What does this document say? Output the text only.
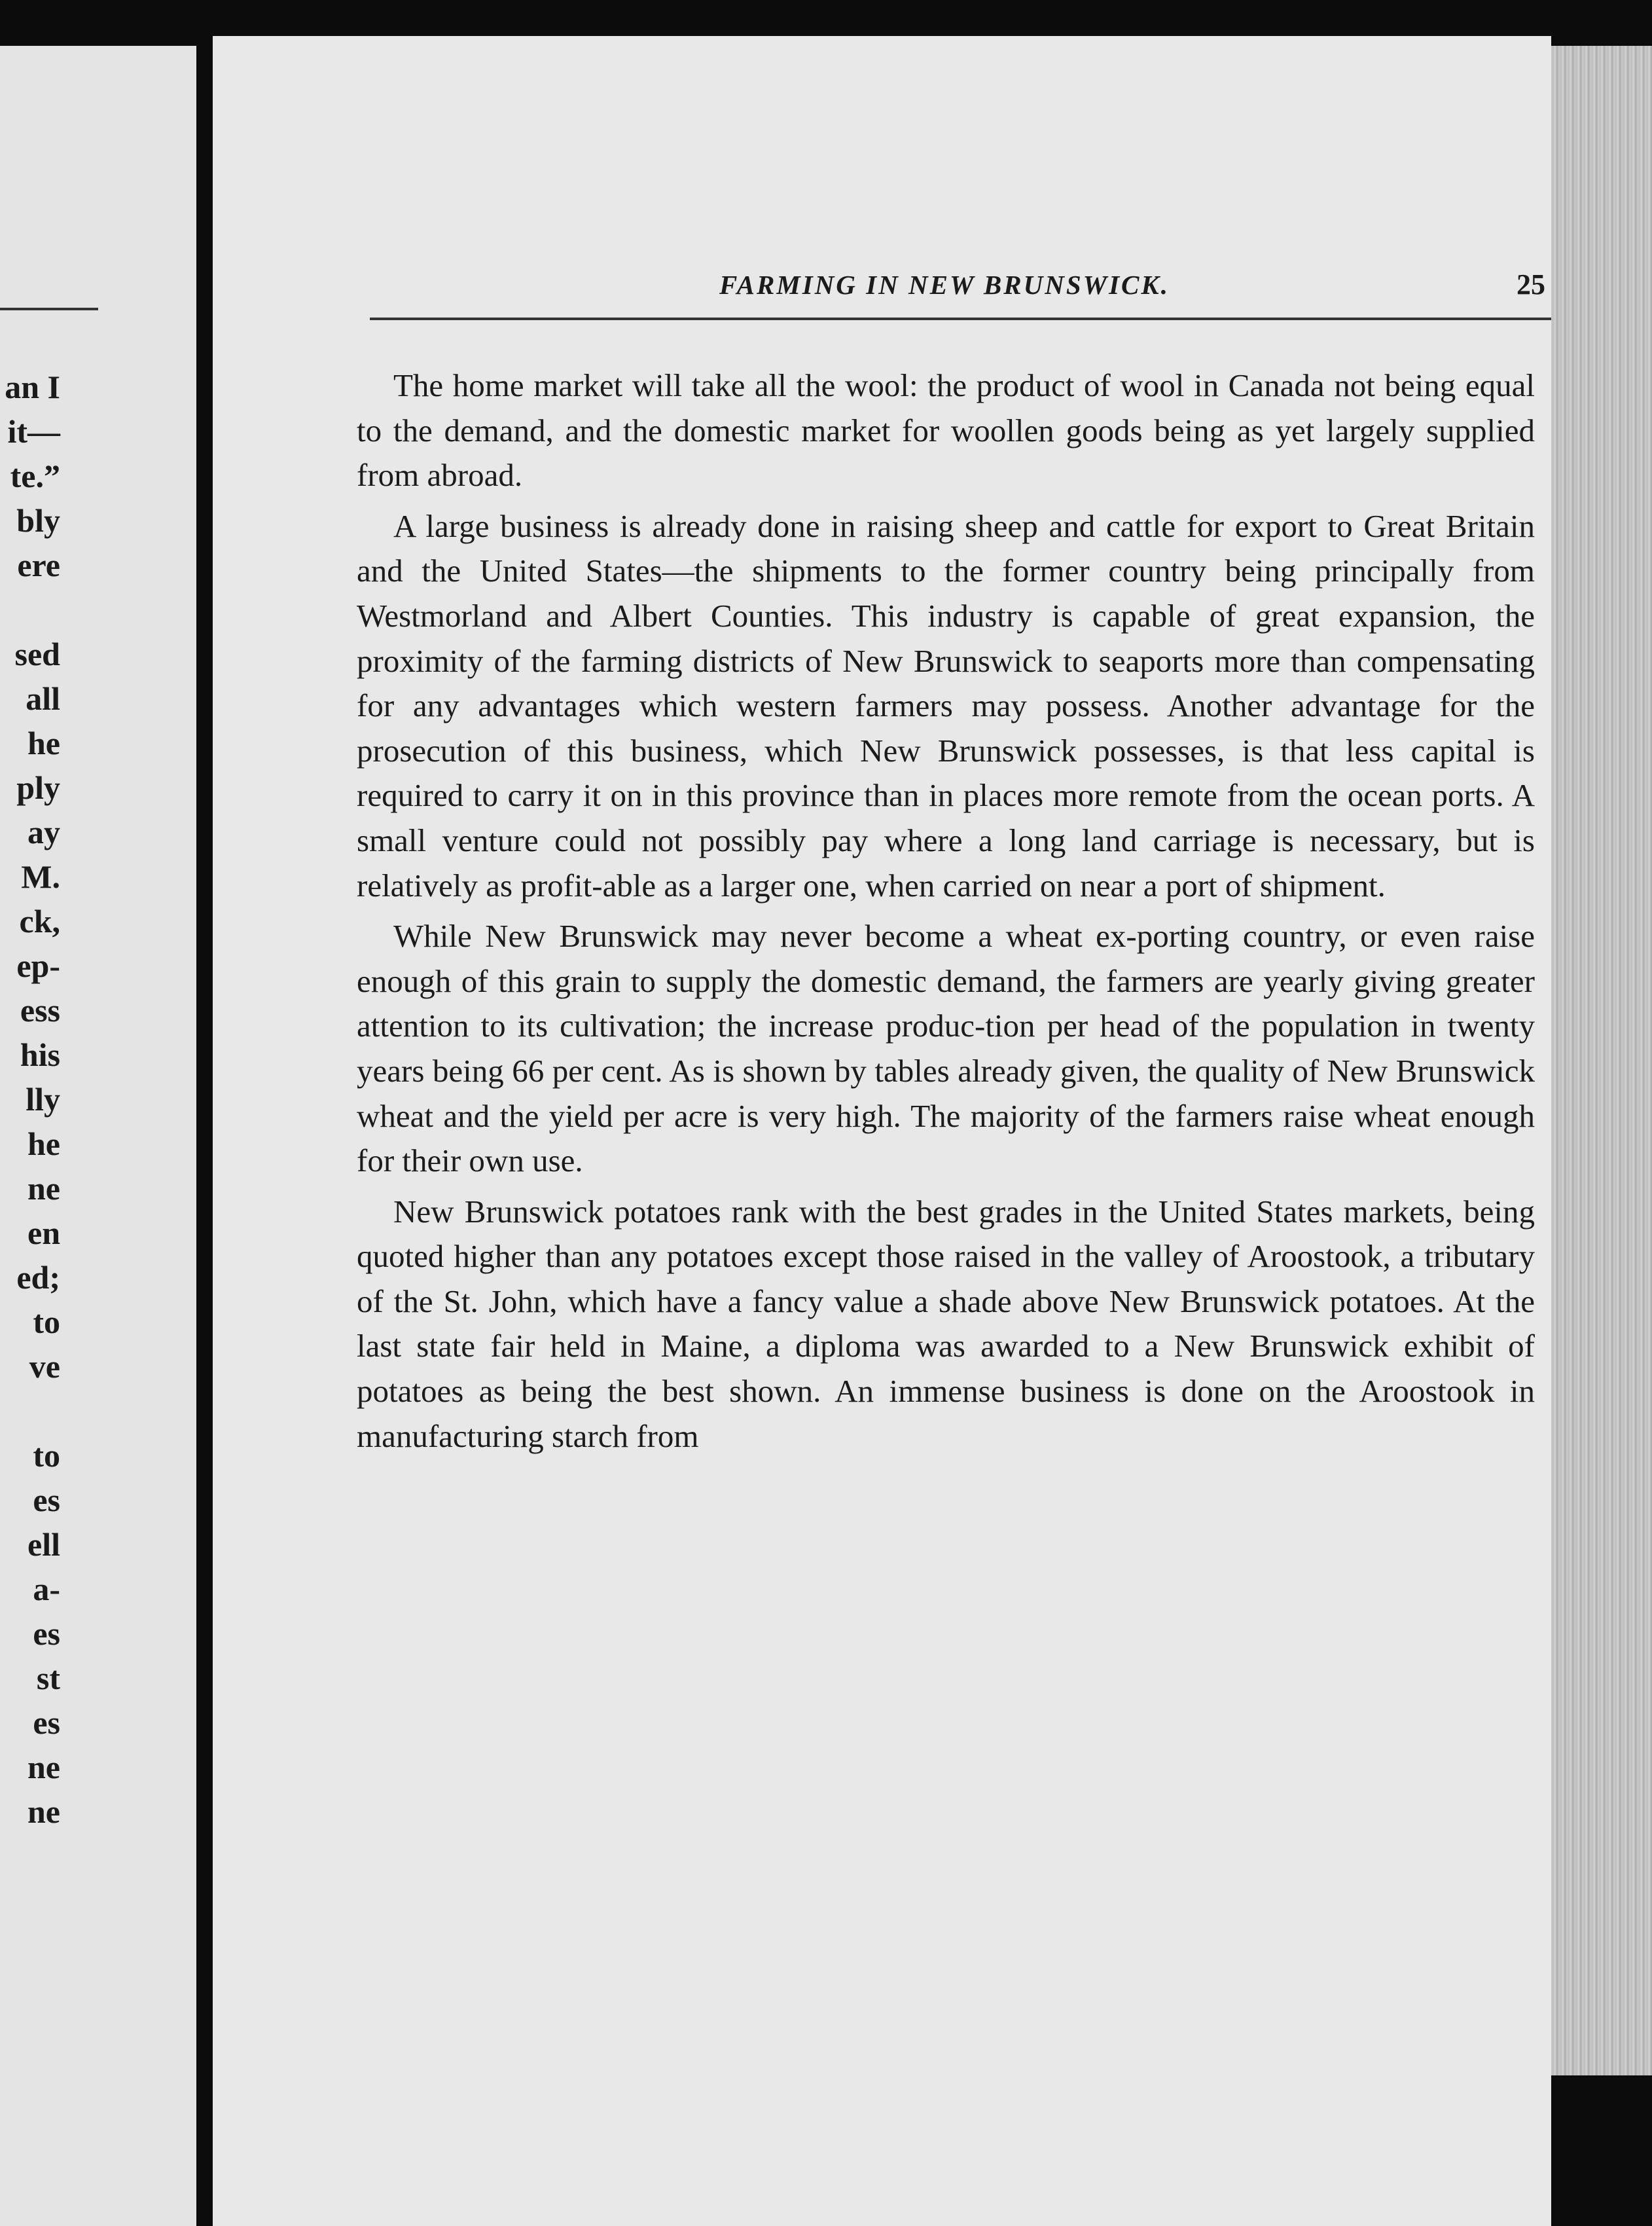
an I
it—
te.”
bly
ere

sed
all
he
ply
ay
M.
ck,
ep-
ess
his
lly
he
ne
en
ed;
to
ve

to
es
ell
a-
es
st
es
ne
ne
FARMING IN NEW BRUNSWICK.	25

The home market will take all the wool: the product of wool in Canada not being equal to the demand, and the domestic market for woollen goods being as yet largely supplied from abroad.

A large business is already done in raising sheep and cattle for export to Great Britain and the United States—the shipments to the former country being principally from Westmorland and Albert Counties. This industry is capable of great expansion, the proximity of the farming districts of New Brunswick to seaports more than compensating for any advantages which western farmers may possess. Another advantage for the prosecution of this business, which New Brunswick possesses, is that less capital is required to carry it on in this province than in places more remote from the ocean ports. A small venture could not possibly pay where a long land carriage is necessary, but is relatively as profit-able as a larger one, when carried on near a port of shipment.

While New Brunswick may never become a wheat ex-porting country, or even raise enough of this grain to supply the domestic demand, the farmers are yearly giving greater attention to its cultivation; the increase produc-tion per head of the population in twenty years being 66 per cent. As is shown by tables already given, the quality of New Brunswick wheat and the yield per acre is very high. The majority of the farmers raise wheat enough for their own use.

New Brunswick potatoes rank with the best grades in the United States markets, being quoted higher than any potatoes except those raised in the valley of Aroostook, a tributary of the St. John, which have a fancy value a shade above New Brunswick potatoes. At the last state fair held in Maine, a diploma was awarded to a New Brunswick exhibit of potatoes as being the best shown. An immense business is done on the Aroostook in manufacturing starch from
